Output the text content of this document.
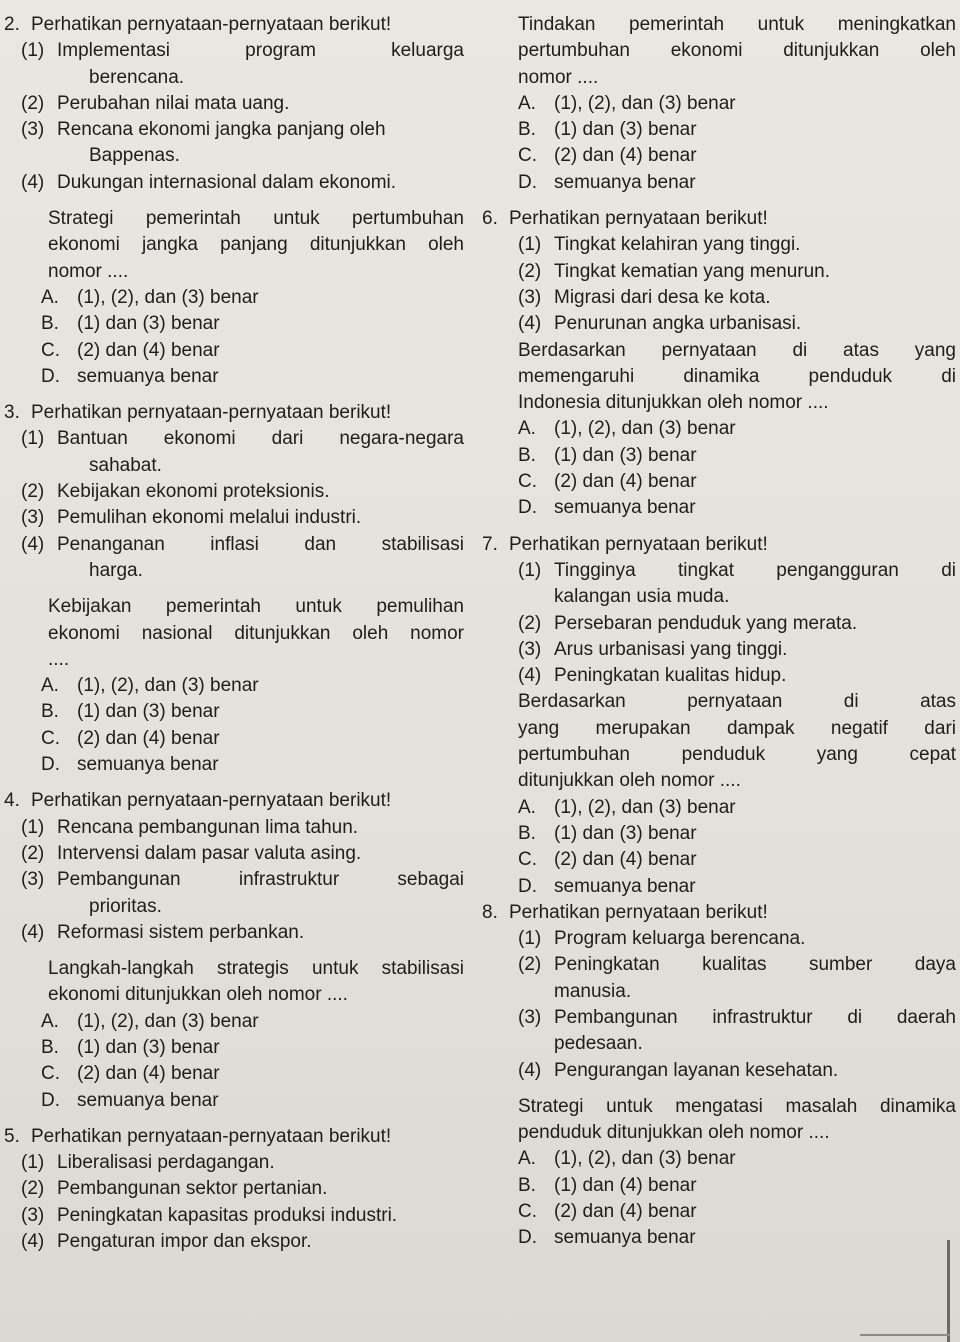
2. Perhatikan pernyataan-pernyataan berikut!
(1) Implementasi program keluarga
berencana.
(2) Perubahan nilai mata uang.
(3) Rencana ekonomi jangka panjang oleh
Bappenas.
(4) Dukungan internasional dalam ekonomi.
Strategi pemerintah untuk pertumbuhan
ekonomi jangka panjang ditunjukkan oleh
nomor ....
A. (1), (2), dan (3) benar
B. (1) dan (3) benar
C. (2) dan (4) benar
D. semuanya benar
3. Perhatikan pernyataan-pernyataan berikut!
(1) Bantuan ekonomi dari negara-negara
sahabat.
(2) Kebijakan ekonomi proteksionis.
(3) Pemulihan ekonomi melalui industri.
(4) Penanganan inflasi dan stabilisasi
harga.
Kebijakan pemerintah untuk pemulihan
ekonomi nasional ditunjukkan oleh nomor
....
A. (1), (2), dan (3) benar
B. (1) dan (3) benar
C. (2) dan (4) benar
D. semuanya benar
4. Perhatikan pernyataan-pernyataan berikut!
(1) Rencana pembangunan lima tahun.
(2) Intervensi dalam pasar valuta asing.
(3) Pembangunan infrastruktur sebagai
prioritas.
(4) Reformasi sistem perbankan.
Langkah-langkah strategis untuk stabilisasi
ekonomi ditunjukkan oleh nomor ....
A. (1), (2), dan (3) benar
B. (1) dan (3) benar
C. (2) dan (4) benar
D. semuanya benar
5. Perhatikan pernyataan-pernyataan berikut!
(1) Liberalisasi perdagangan.
(2) Pembangunan sektor pertanian.
(3) Peningkatan kapasitas produksi industri.
(4) Pengaturan impor dan ekspor.
Tindakan pemerintah untuk meningkatkan
pertumbuhan ekonomi ditunjukkan oleh
nomor ....
A. (1), (2), dan (3) benar
B. (1) dan (3) benar
C. (2) dan (4) benar
D. semuanya benar
6. Perhatikan pernyataan berikut!
(1) Tingkat kelahiran yang tinggi.
(2) Tingkat kematian yang menurun.
(3) Migrasi dari desa ke kota.
(4) Penurunan angka urbanisasi.
Berdasarkan pernyataan di atas yang
memengaruhi dinamika penduduk di
Indonesia ditunjukkan oleh nomor ....
A. (1), (2), dan (3) benar
B. (1) dan (3) benar
C. (2) dan (4) benar
D. semuanya benar
7. Perhatikan pernyataan berikut!
(1) Tingginya tingkat pengangguran di
kalangan usia muda.
(2) Persebaran penduduk yang merata.
(3) Arus urbanisasi yang tinggi.
(4) Peningkatan kualitas hidup.
Berdasarkan pernyataan di atas
yang merupakan dampak negatif dari
pertumbuhan penduduk yang cepat
ditunjukkan oleh nomor ....
A. (1), (2), dan (3) benar
B. (1) dan (3) benar
C. (2) dan (4) benar
D. semuanya benar
8. Perhatikan pernyataan berikut!
(1) Program keluarga berencana.
(2) Peningkatan kualitas sumber daya
manusia.
(3) Pembangunan infrastruktur di daerah
pedesaan.
(4) Pengurangan layanan kesehatan.
Strategi untuk mengatasi masalah dinamika
penduduk ditunjukkan oleh nomor ....
A. (1), (2), dan (3) benar
B. (1) dan (4) benar
C. (2) dan (4) benar
D. semuanya benar
